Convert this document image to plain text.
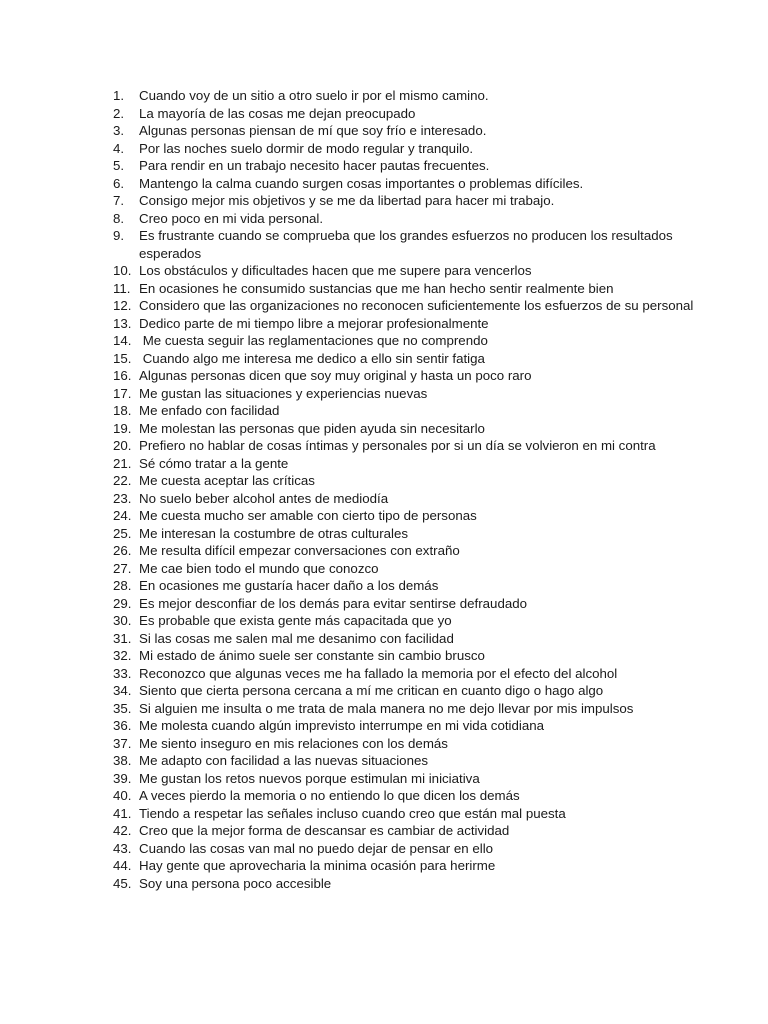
1.	Cuando voy de un sitio a otro suelo ir por el mismo camino.
2.	La mayoría de las cosas me dejan preocupado
3.	Algunas personas piensan de mí que soy frío e interesado.
4.	Por las noches suelo dormir de modo regular y tranquilo.
5.	Para rendir en un trabajo necesito hacer pautas frecuentes.
6.	Mantengo la calma cuando surgen cosas importantes o problemas difíciles.
7.	Consigo mejor mis objetivos y se me da libertad para hacer mi trabajo.
8.	Creo poco en mi vida personal.
9.	Es frustrante cuando se comprueba que los grandes esfuerzos no producen los resultados esperados
10. Los obstáculos y dificultades hacen que me supere para vencerlos
11. En ocasiones he consumido sustancias que me han hecho sentir realmente bien
12. Considero que las organizaciones no reconocen suficientemente los esfuerzos de su personal
13. Dedico parte de mi tiempo libre a mejorar profesionalmente
14. Me cuesta seguir las reglamentaciones que no comprendo
15. Cuando algo me interesa me dedico a ello sin sentir fatiga
16. Algunas personas dicen que soy muy original y hasta un poco raro
17. Me gustan las situaciones y experiencias nuevas
18. Me enfado con facilidad
19. Me molestan las personas que piden ayuda sin necesitarlo
20. Prefiero no hablar de cosas íntimas y personales por si un día se volvieron en mi contra
21. Sé cómo tratar a la gente
22. Me cuesta aceptar las críticas
23. No suelo beber alcohol antes de mediodía
24. Me cuesta mucho ser amable con cierto tipo de personas
25. Me interesan la costumbre de otras culturales
26. Me resulta difícil empezar conversaciones con extraño
27. Me cae bien todo el mundo que conozco
28. En ocasiones me gustaría hacer daño a los demás
29. Es mejor desconfiar de los demás para evitar sentirse defraudado
30. Es probable que exista gente más capacitada que yo
31. Si las cosas me salen mal me desanimo con facilidad
32. Mi estado de ánimo suele ser constante sin cambio brusco
33. Reconozco que algunas veces me ha fallado la memoria por el efecto del alcohol
34. Siento que cierta persona cercana a mí me critican en cuanto digo o hago algo
35. Si alguien me insulta o me trata de mala manera no me dejo llevar por mis impulsos
36. Me molesta cuando algún imprevisto interrumpe en mi vida cotidiana
37. Me siento inseguro en mis relaciones con los demás
38. Me adapto con facilidad a las nuevas situaciones
39. Me gustan los retos nuevos porque estimulan mi iniciativa
40. A veces pierdo la memoria o no entiendo lo que dicen los demás
41. Tiendo a respetar las señales incluso cuando creo que están mal puesta
42. Creo que la mejor forma de descansar es cambiar de actividad
43. Cuando las cosas van mal no puedo dejar de pensar en ello
44. Hay gente que aprovecharia la minima ocasión para herirme
45. Soy una persona poco accesible
